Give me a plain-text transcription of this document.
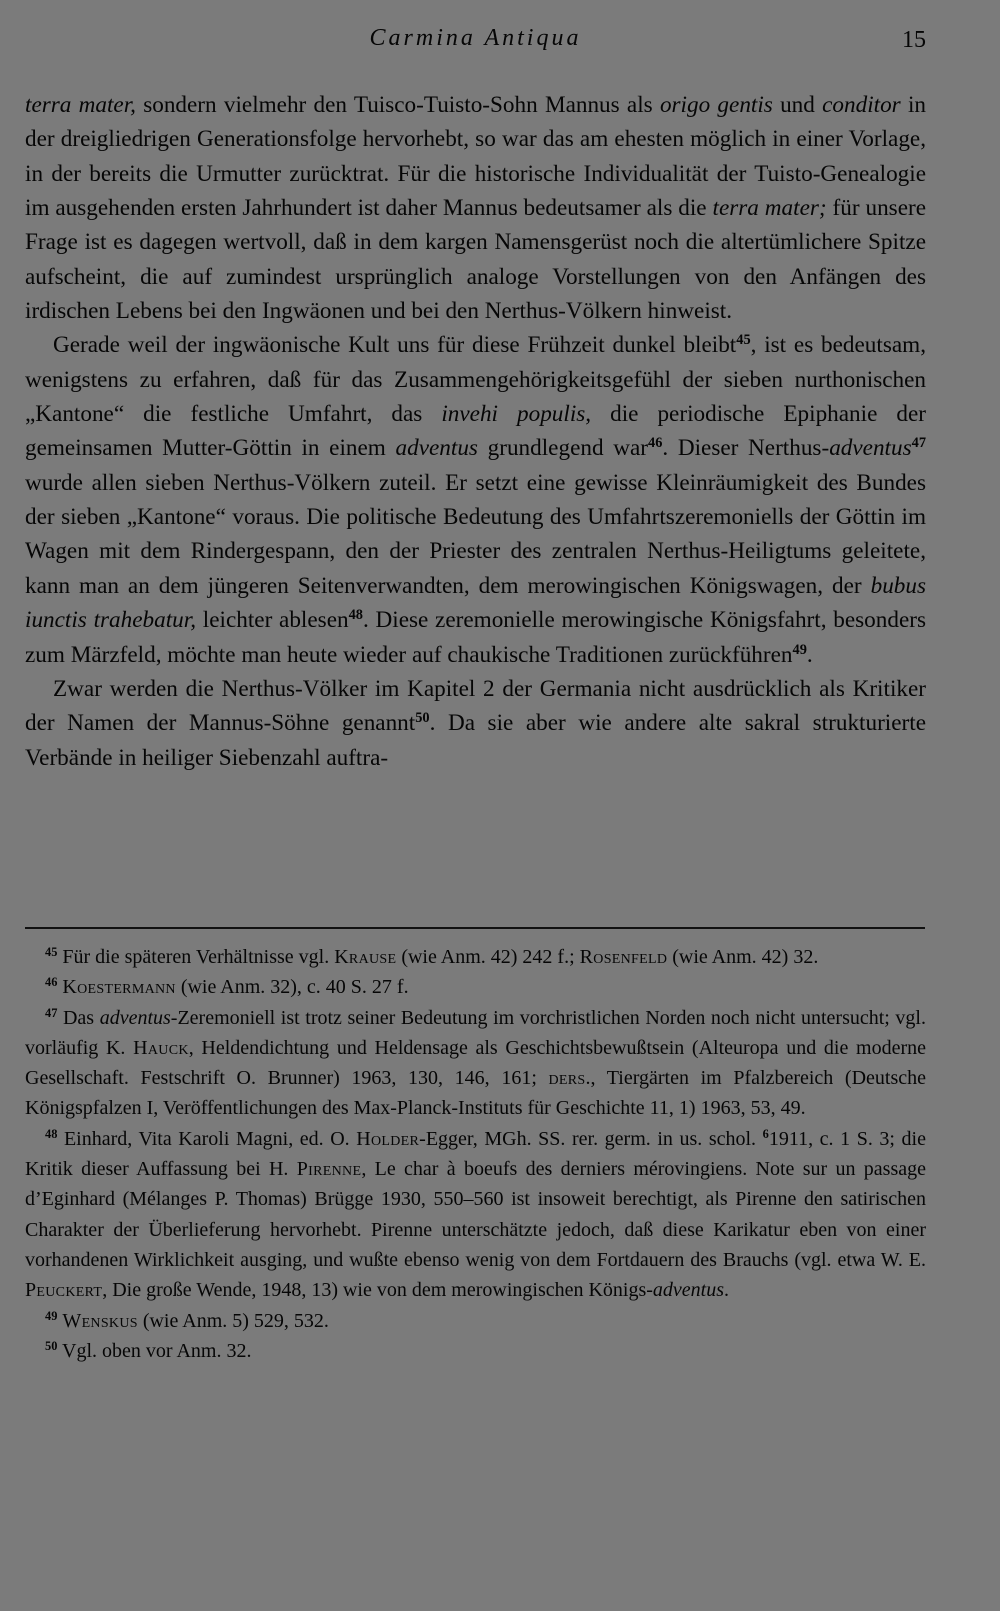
Carmina Antiqua	15

terra mater, sondern vielmehr den Tuisco-Tuisto-Sohn Mannus als origo gentis und conditor in der dreigliedrigen Generationsfolge hervorhebt, so war das am ehesten möglich in einer Vorlage, in der bereits die Urmutter zurücktrat. Für die historische Individualität der Tuisto-Genealogie im ausgehenden ersten Jahrhundert ist daher Mannus bedeutsamer als die terra mater; für unsere Frage ist es dagegen wertvoll, daß in dem kargen Namensgerüst noch die altertümlichere Spitze aufscheint, die auf zumindest ursprünglich analoge Vorstellungen von den Anfängen des irdischen Lebens bei den Ingwäonen und bei den Nerthus-Völkern hinweist.

Gerade weil der ingwäonische Kult uns für diese Frühzeit dunkel bleibt$^{45}$, ist es bedeutsam, wenigstens zu erfahren, daß für das Zusammengehörigkeitsgefühl der sieben nurthonischen „Kantone“ die festliche Umfahrt, das invehi populis, die periodische Epiphanie der gemeinsamen Mutter-Göttin in einem adventus grundlegend war$^{46}$. Dieser Nerthus-adventus$^{47}$ wurde allen sieben Nerthus-Völkern zuteil. Er setzt eine gewisse Kleinräumigkeit des Bundes der sieben „Kantone“ voraus. Die politische Bedeutung des Umfahrtszeremoniells der Göttin im Wagen mit dem Rindergespann, den der Priester des zentralen Nerthus-Heiligtums geleitete, kann man an dem jüngeren Seitenverwandten, dem merowingischen Königswagen, der bubus iunctis trahebatur, leichter ablesen$^{48}$. Diese zeremonielle merowingische Königsfahrt, besonders zum Märzfeld, möchte man heute wieder auf chaukische Traditionen zurückführen$^{49}$.

Zwar werden die Nerthus-Völker im Kapitel 2 der Germania nicht ausdrücklich als Kritiker der Namen der Mannus-Söhne genannt$^{50}$. Da sie aber wie andere alte sakral strukturierte Verbände in heiliger Siebenzahl auftra-

$^{45}$ Für die späteren Verhältnisse vgl. Krause (wie Anm. 42) 242 f.; Rosenfeld (wie Anm. 42) 32.

$^{46}$ Koestermann (wie Anm. 32), c. 40 S. 27 f.

$^{47}$ Das adventus-Zeremoniell ist trotz seiner Bedeutung im vorchristlichen Norden noch nicht untersucht; vgl. vorläufig K. Hauck, Heldendichtung und Heldensage als Geschichtsbewußtsein (Alteuropa und die moderne Gesellschaft. Festschrift O. Brunner) 1963, 130, 146, 161; ders., Tiergärten im Pfalzbereich (Deutsche Königspfalzen I, Veröffentlichungen des Max-Planck-Instituts für Geschichte 11, 1) 1963, 53, 49.

$^{48}$ Einhard, Vita Karoli Magni, ed. O. Holder-Egger, MGh. SS. rer. germ. in us. schol. $^6$1911, c. 1 S. 3; die Kritik dieser Auffassung bei H. Pirenne, Le char à boeufs des derniers mérovingiens. Note sur un passage d’Eginhard (Mélanges P. Thomas) Brügge 1930, 550–560 ist insoweit berechtigt, als Pirenne den satirischen Charakter der Überlieferung hervorhebt. Pirenne unterschätzte jedoch, daß diese Karikatur eben von einer vorhandenen Wirklichkeit ausging, und wußte ebenso wenig von dem Fortdauern des Brauchs (vgl. etwa W. E. Peuckert, Die große Wende, 1948, 13) wie von dem merowingischen Königs-adventus.

$^{49}$ Wenskus (wie Anm. 5) 529, 532.

$^{50}$ Vgl. oben vor Anm. 32.
